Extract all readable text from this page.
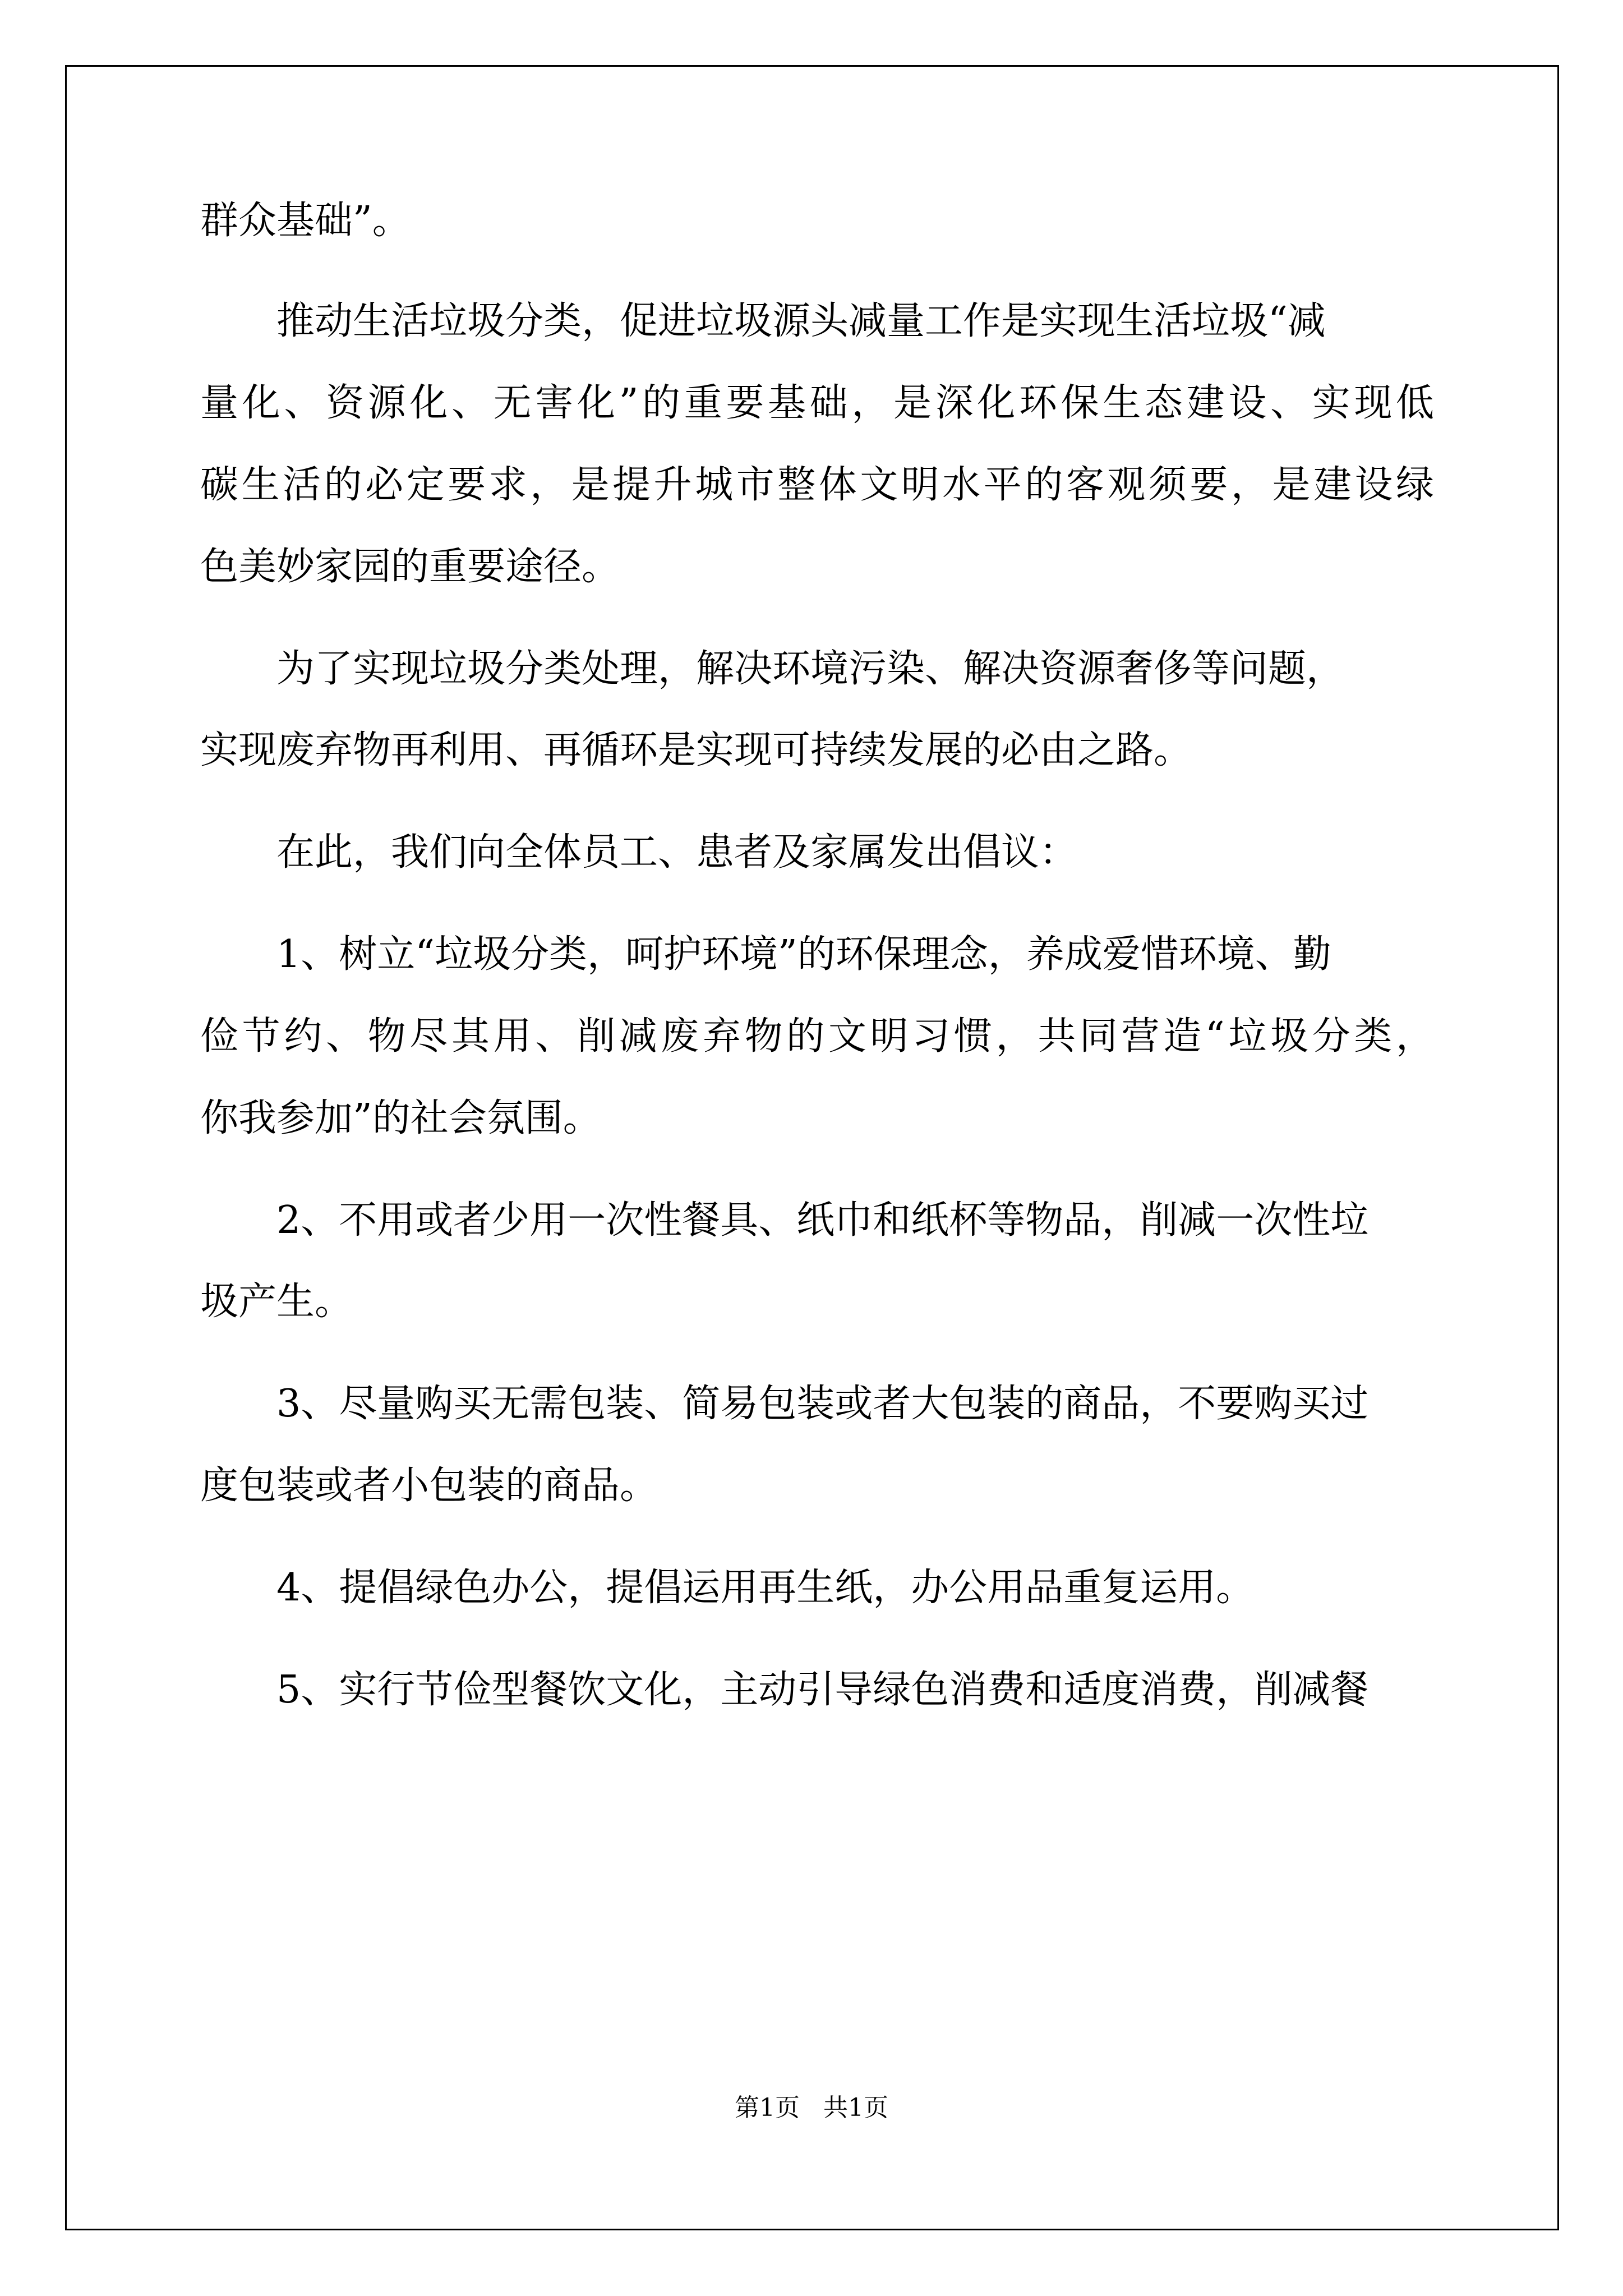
群众基础”。
推动生活垃圾分类，促进垃圾源头减量工作是实现生活垃圾“减
量化、资源化、无害化”的重要基础，是深化环保生态建设、实现低
碳生活的必定要求，是提升城市整体文明水平的客观须要，是建设绿
色美妙家园的重要途径。
为了实现垃圾分类处理，解决环境污染、解决资源奢侈等问题，
实现废弃物再利用、再循环是实现可持续发展的必由之路。
在此，我们向全体员工、患者及家属发出倡议：
1、树立“垃圾分类，呵护环境”的环保理念，养成爱惜环境、勤
俭节约、物尽其用、削减废弃物的文明习惯，共同营造“垃圾分类，
你我参加”的社会氛围。
2、不用或者少用一次性餐具、纸巾和纸杯等物品，削减一次性垃
圾产生。
3、尽量购买无需包装、简易包装或者大包装的商品，不要购买过
度包装或者小包装的商品。
4、提倡绿色办公，提倡运用再生纸，办公用品重复运用。
5、实行节俭型餐饮文化，主动引导绿色消费和适度消费，削减餐
第1页 共1页
